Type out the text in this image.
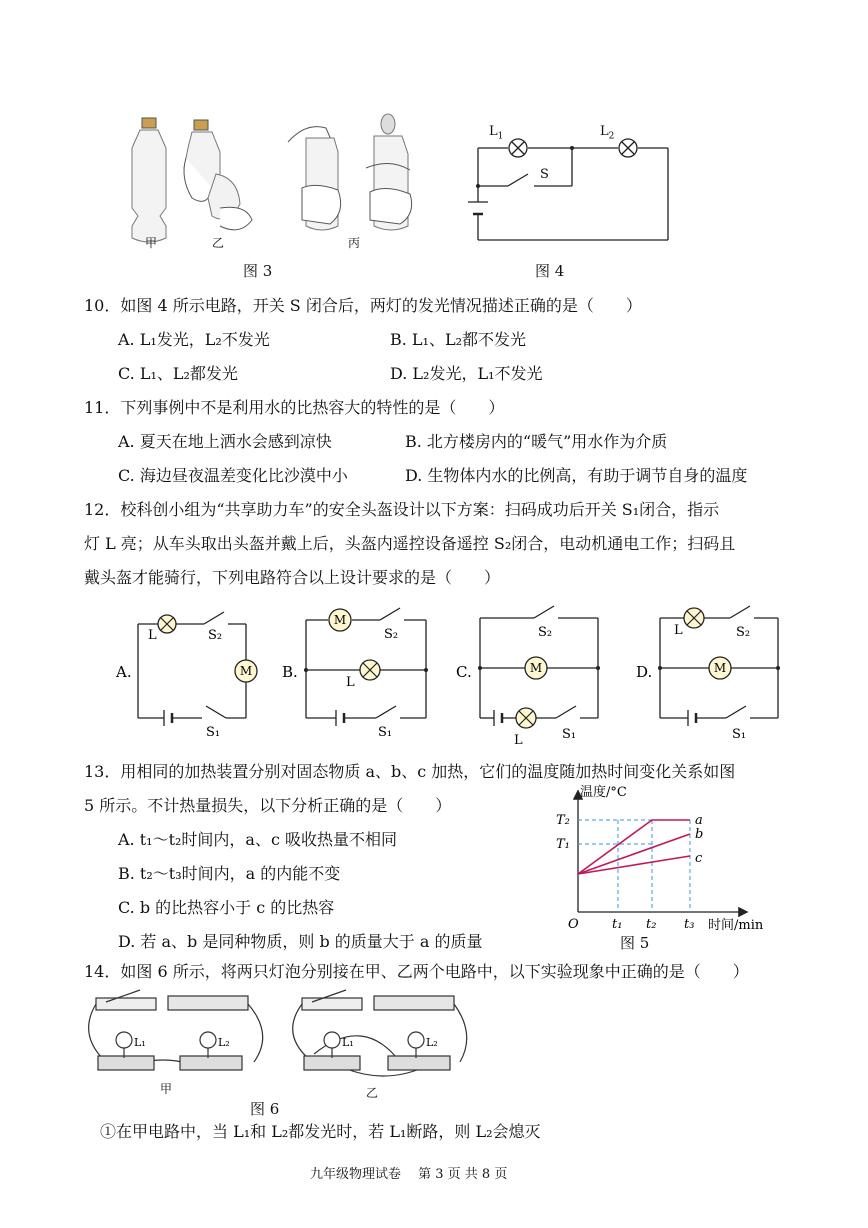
甲	乙	丙
图 3
$L_1$	$L_2$
S
图 4
10．如图 4 所示电路，开关 S 闭合后，两灯的发光情况描述正确的是（　　）
A. L₁发光，L₂不发光	B. L₁、L₂都不发光
C. L₁、L₂都发光	D. L₂发光，L₁不发光
11．下列事例中不是利用水的比热容大的特性的是（　　）
A. 夏天在地上洒水会感到凉快	B. 北方楼房内的“暖气”用水作为介质
C. 海边昼夜温差变化比沙漠中小	D. 生物体内水的比例高，有助于调节自身的温度
12．校科创小组为“共享助力车”的安全头盔设计以下方案：扫码成功后开关 S₁闭合，指示
灯 L 亮；从车头取出头盔并戴上后，头盔内遥控设备遥控 S₂闭合，电动机通电工作；扫码且
戴头盔才能骑行，下列电路符合以上设计要求的是（　　）
M
M
M	M
L	S₂
S₁
L
S₂
S₁
S₂
L	S₁
L	S₂
S₁
A.	B.	C.	D.
13．用相同的加热装置分别对固态物质 a、b、c 加热，它们的温度随加热时间变化关系如图
5 所示。不计热量损失，以下分析正确的是（　　）
A. t₁～t₂时间内，a、c 吸收热量不相同
B. t₂～t₃时间内，a 的内能不变
C. b 的比热容小于 c 的比热容
D. 若 a、b 是同种物质，则 b 的质量大于 a 的质量
a
b
c
T₂
T₁
t₁ t₂ t₃
O
温度/°C
时间/min
图 5
14．如图 6 所示，将两只灯泡分别接在甲、乙两个电路中，以下实验现象中正确的是（　　）
L₁	L₂	L₁	L₂
甲	乙
图 6
①在甲电路中，当 L₁和 L₂都发光时，若 L₁断路，则 L₂会熄灭
九年级物理试卷　 第 3 页 共 8 页
